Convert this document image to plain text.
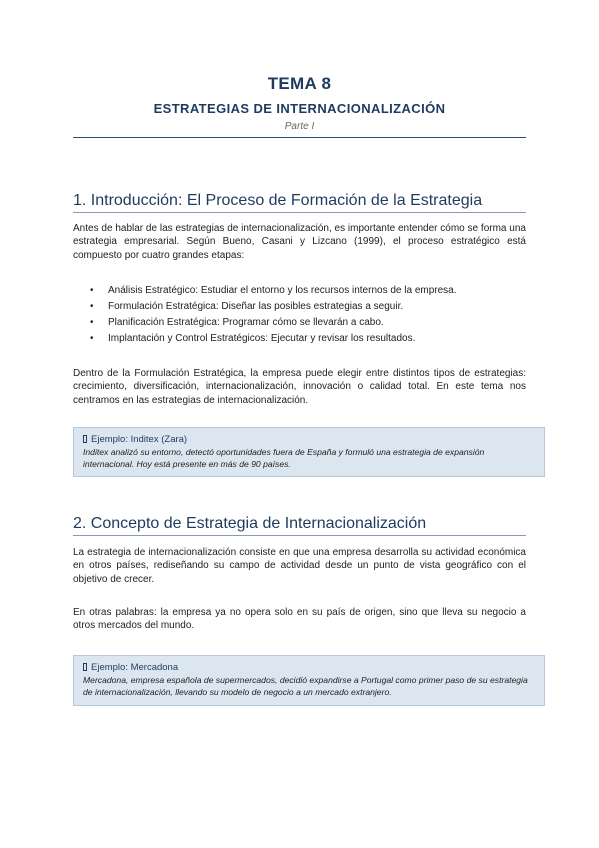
TEMA 8
ESTRATEGIAS DE INTERNACIONALIZACIÓN
Parte I
1. Introducción: El Proceso de Formación de la Estrategia

Antes de hablar de las estrategias de internacionalización, es importante entender cómo se forma una estrategia empresarial. Según Bueno, Casani y Lizcano (1999), el proceso estratégico está compuesto por cuatro grandes etapas:

• Análisis Estratégico: Estudiar el entorno y los recursos internos de la empresa.
• Formulación Estratégica: Diseñar las posibles estrategias a seguir.
• Planificación Estratégica: Programar cómo se llevarán a cabo.
• Implantación y Control Estratégicos: Ejecutar y revisar los resultados.

Dentro de la Formulación Estratégica, la empresa puede elegir entre distintos tipos de estrategias: crecimiento, diversificación, internacionalización, innovación o calidad total. En este tema nos centramos en las estrategias de internacionalización.

Ejemplo: Inditex (Zara)
Inditex analizó su entorno, detectó oportunidades fuera de España y formuló una estrategia de expansión internacional. Hoy está presente en más de 90 países.
2. Concepto de Estrategia de Internacionalización

La estrategia de internacionalización consiste en que una empresa desarrolla su actividad económica en otros países, rediseñando su campo de actividad desde un punto de vista geográfico con el objetivo de crecer.

En otras palabras: la empresa ya no opera solo en su país de origen, sino que lleva su negocio a otros mercados del mundo.

Ejemplo: Mercadona
Mercadona, empresa española de supermercados, decidió expandirse a Portugal como primer paso de su estrategia de internacionalización, llevando su modelo de negocio a un mercado extranjero.
